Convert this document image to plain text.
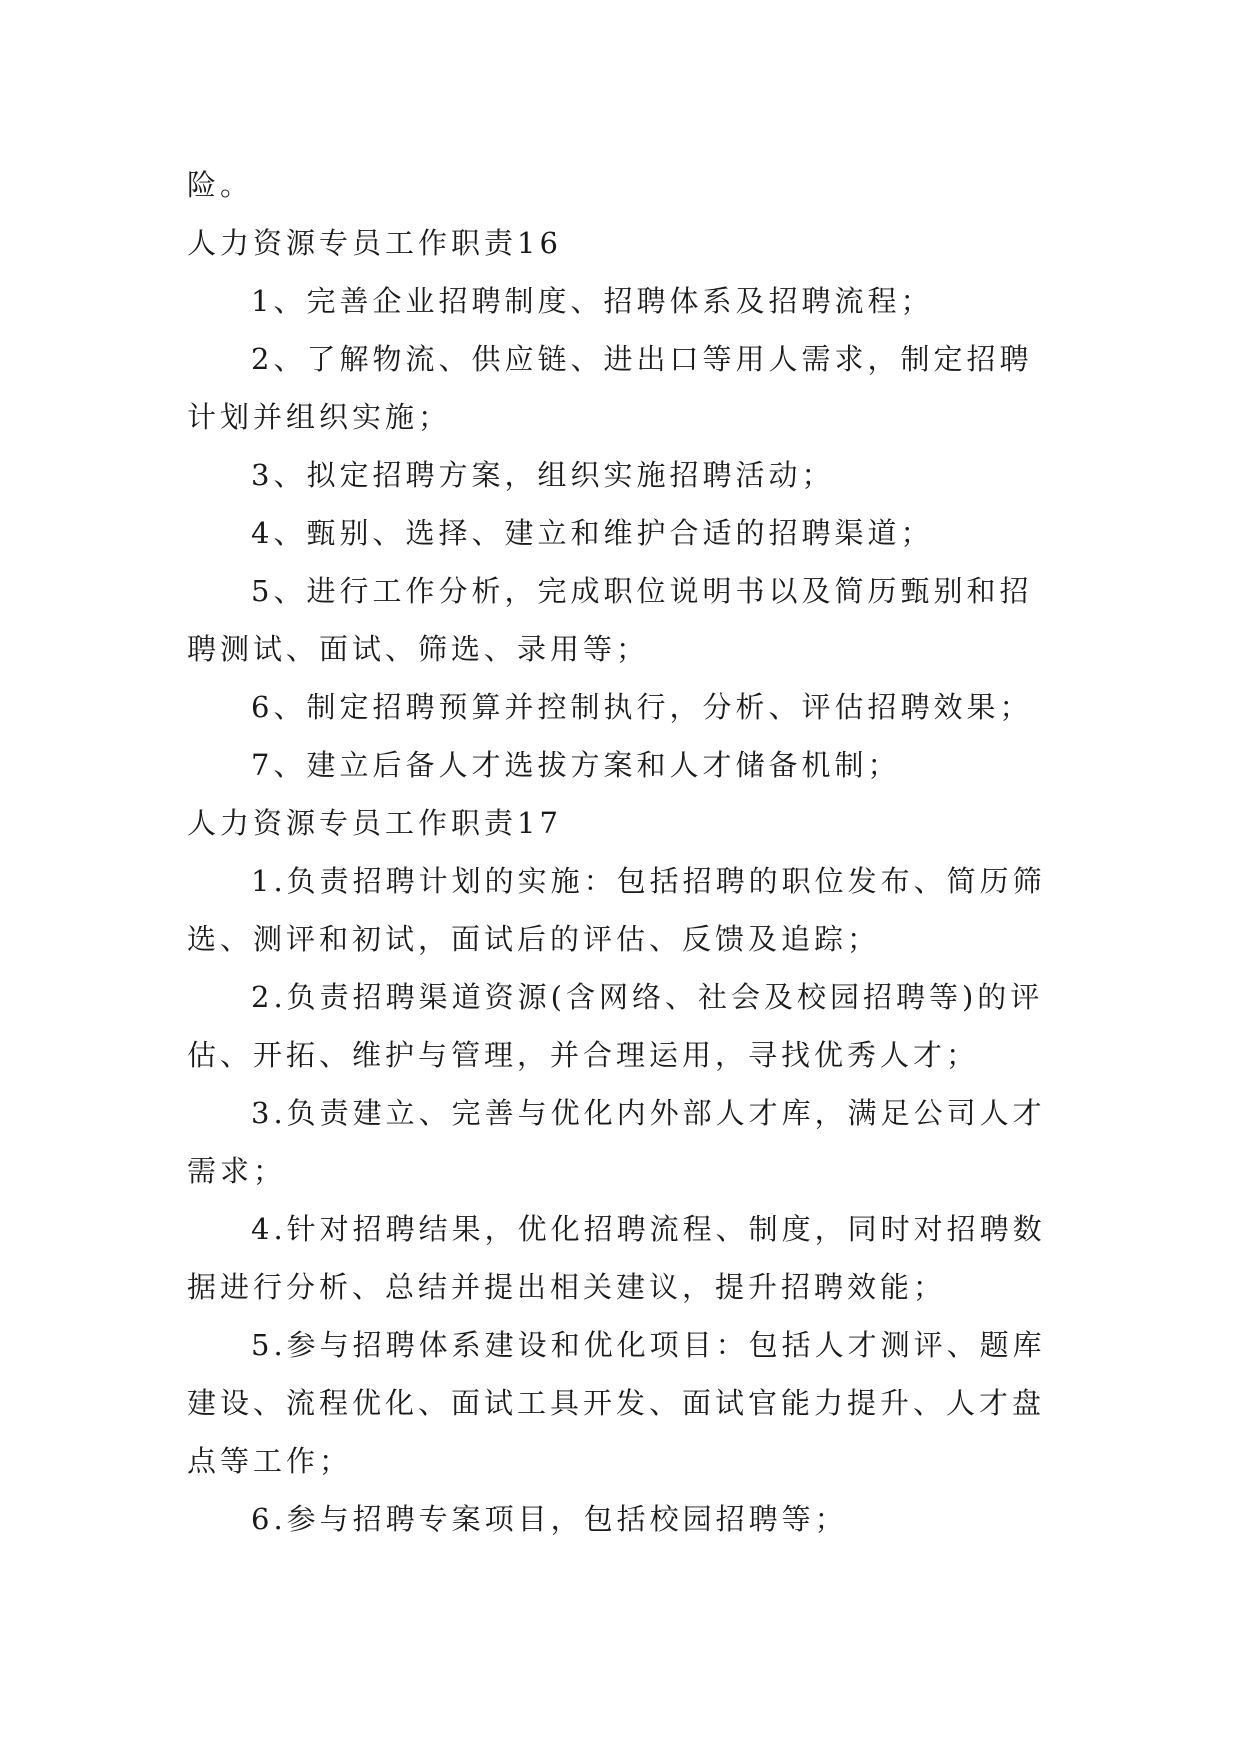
险。
人力资源专员工作职责16
1、完善企业招聘制度、招聘体系及招聘流程；
2、了解物流、供应链、进出口等用人需求，制定招聘
计划并组织实施；
3、拟定招聘方案，组织实施招聘活动；
4、甄别、选择、建立和维护合适的招聘渠道；
5、进行工作分析，完成职位说明书以及简历甄别和招
聘测试、面试、筛选、录用等；
6、制定招聘预算并控制执行，分析、评估招聘效果；
7、建立后备人才选拔方案和人才储备机制；
人力资源专员工作职责17
1.负责招聘计划的实施：包括招聘的职位发布、简历筛
选、测评和初试，面试后的评估、反馈及追踪；
2.负责招聘渠道资源(含网络、社会及校园招聘等)的评
估、开拓、维护与管理，并合理运用，寻找优秀人才；
3.负责建立、完善与优化内外部人才库，满足公司人才
需求；
4.针对招聘结果，优化招聘流程、制度，同时对招聘数
据进行分析、总结并提出相关建议，提升招聘效能；
5.参与招聘体系建设和优化项目：包括人才测评、题库
建设、流程优化、面试工具开发、面试官能力提升、人才盘
点等工作；
6.参与招聘专案项目，包括校园招聘等；
